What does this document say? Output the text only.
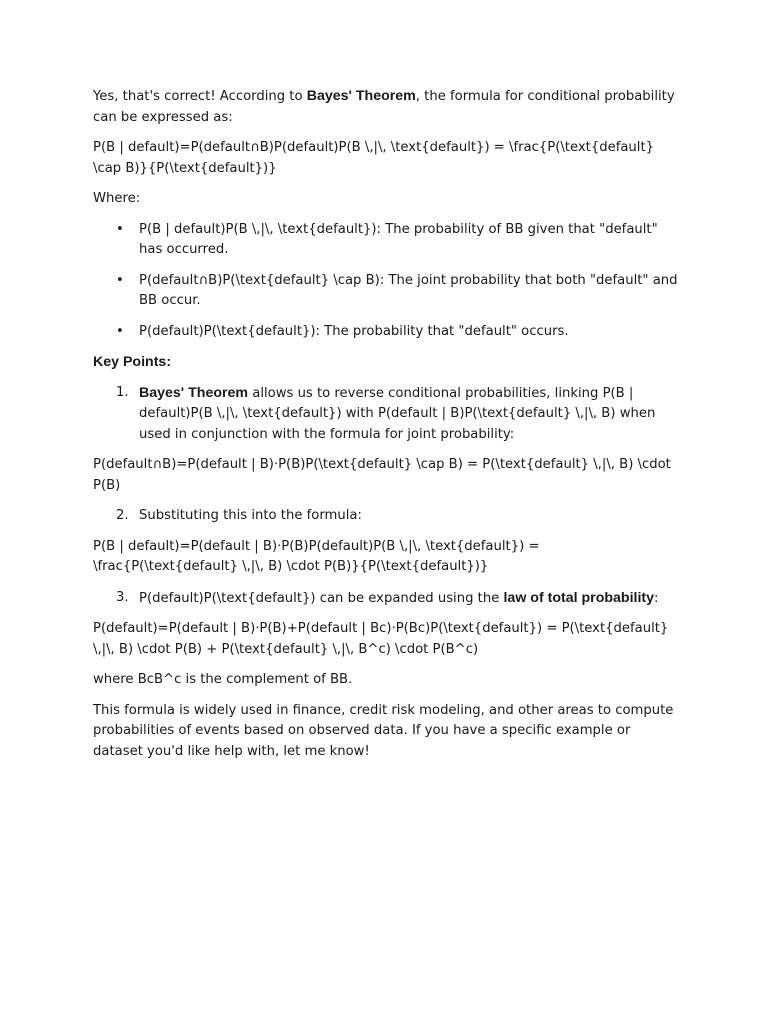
Yes, that's correct! According to Bayes' Theorem, the formula for conditional probability can be expressed as:

P(B | default)=P(default∩B)P(default)P(B \,|\, \text{default}) = \frac{P(\text{default} \cap B)}{P(\text{default})}

Where:

• P(B | default)P(B \,|\, \text{default}): The probability of BB given that "default" has occurred.
• P(default∩B)P(\text{default} \cap B): The joint probability that both "default" and BB occur.
• P(default)P(\text{default}): The probability that "default" occurs.
Key Points:
1. Bayes' Theorem allows us to reverse conditional probabilities, linking P(B | default)P(B \,|\, \text{default}) with P(default | B)P(\text{default} \,|\, B) when used in conjunction with the formula for joint probability:

P(default∩B)=P(default | B)⋅P(B)P(\text{default} \cap B) = P(\text{default} \,|\, B) \cdot P(B)

2. Substituting this into the formula:

P(B | default)=P(default | B)⋅P(B)P(default)P(B \,|\, \text{default}) = \frac{P(\text{default} \,|\, B) \cdot P(B)}{P(\text{default})}

3. P(default)P(\text{default}) can be expanded using the law of total probability:

P(default)=P(default | B)⋅P(B)+P(default | Bc)⋅P(Bc)P(\text{default}) = P(\text{default} \,|\, B) \cdot P(B) + P(\text{default} \,|\, B^c) \cdot P(B^c)

where BcB^c is the complement of BB.

This formula is widely used in finance, credit risk modeling, and other areas to compute probabilities of events based on observed data. If you have a specific example or dataset you'd like help with, let me know!
